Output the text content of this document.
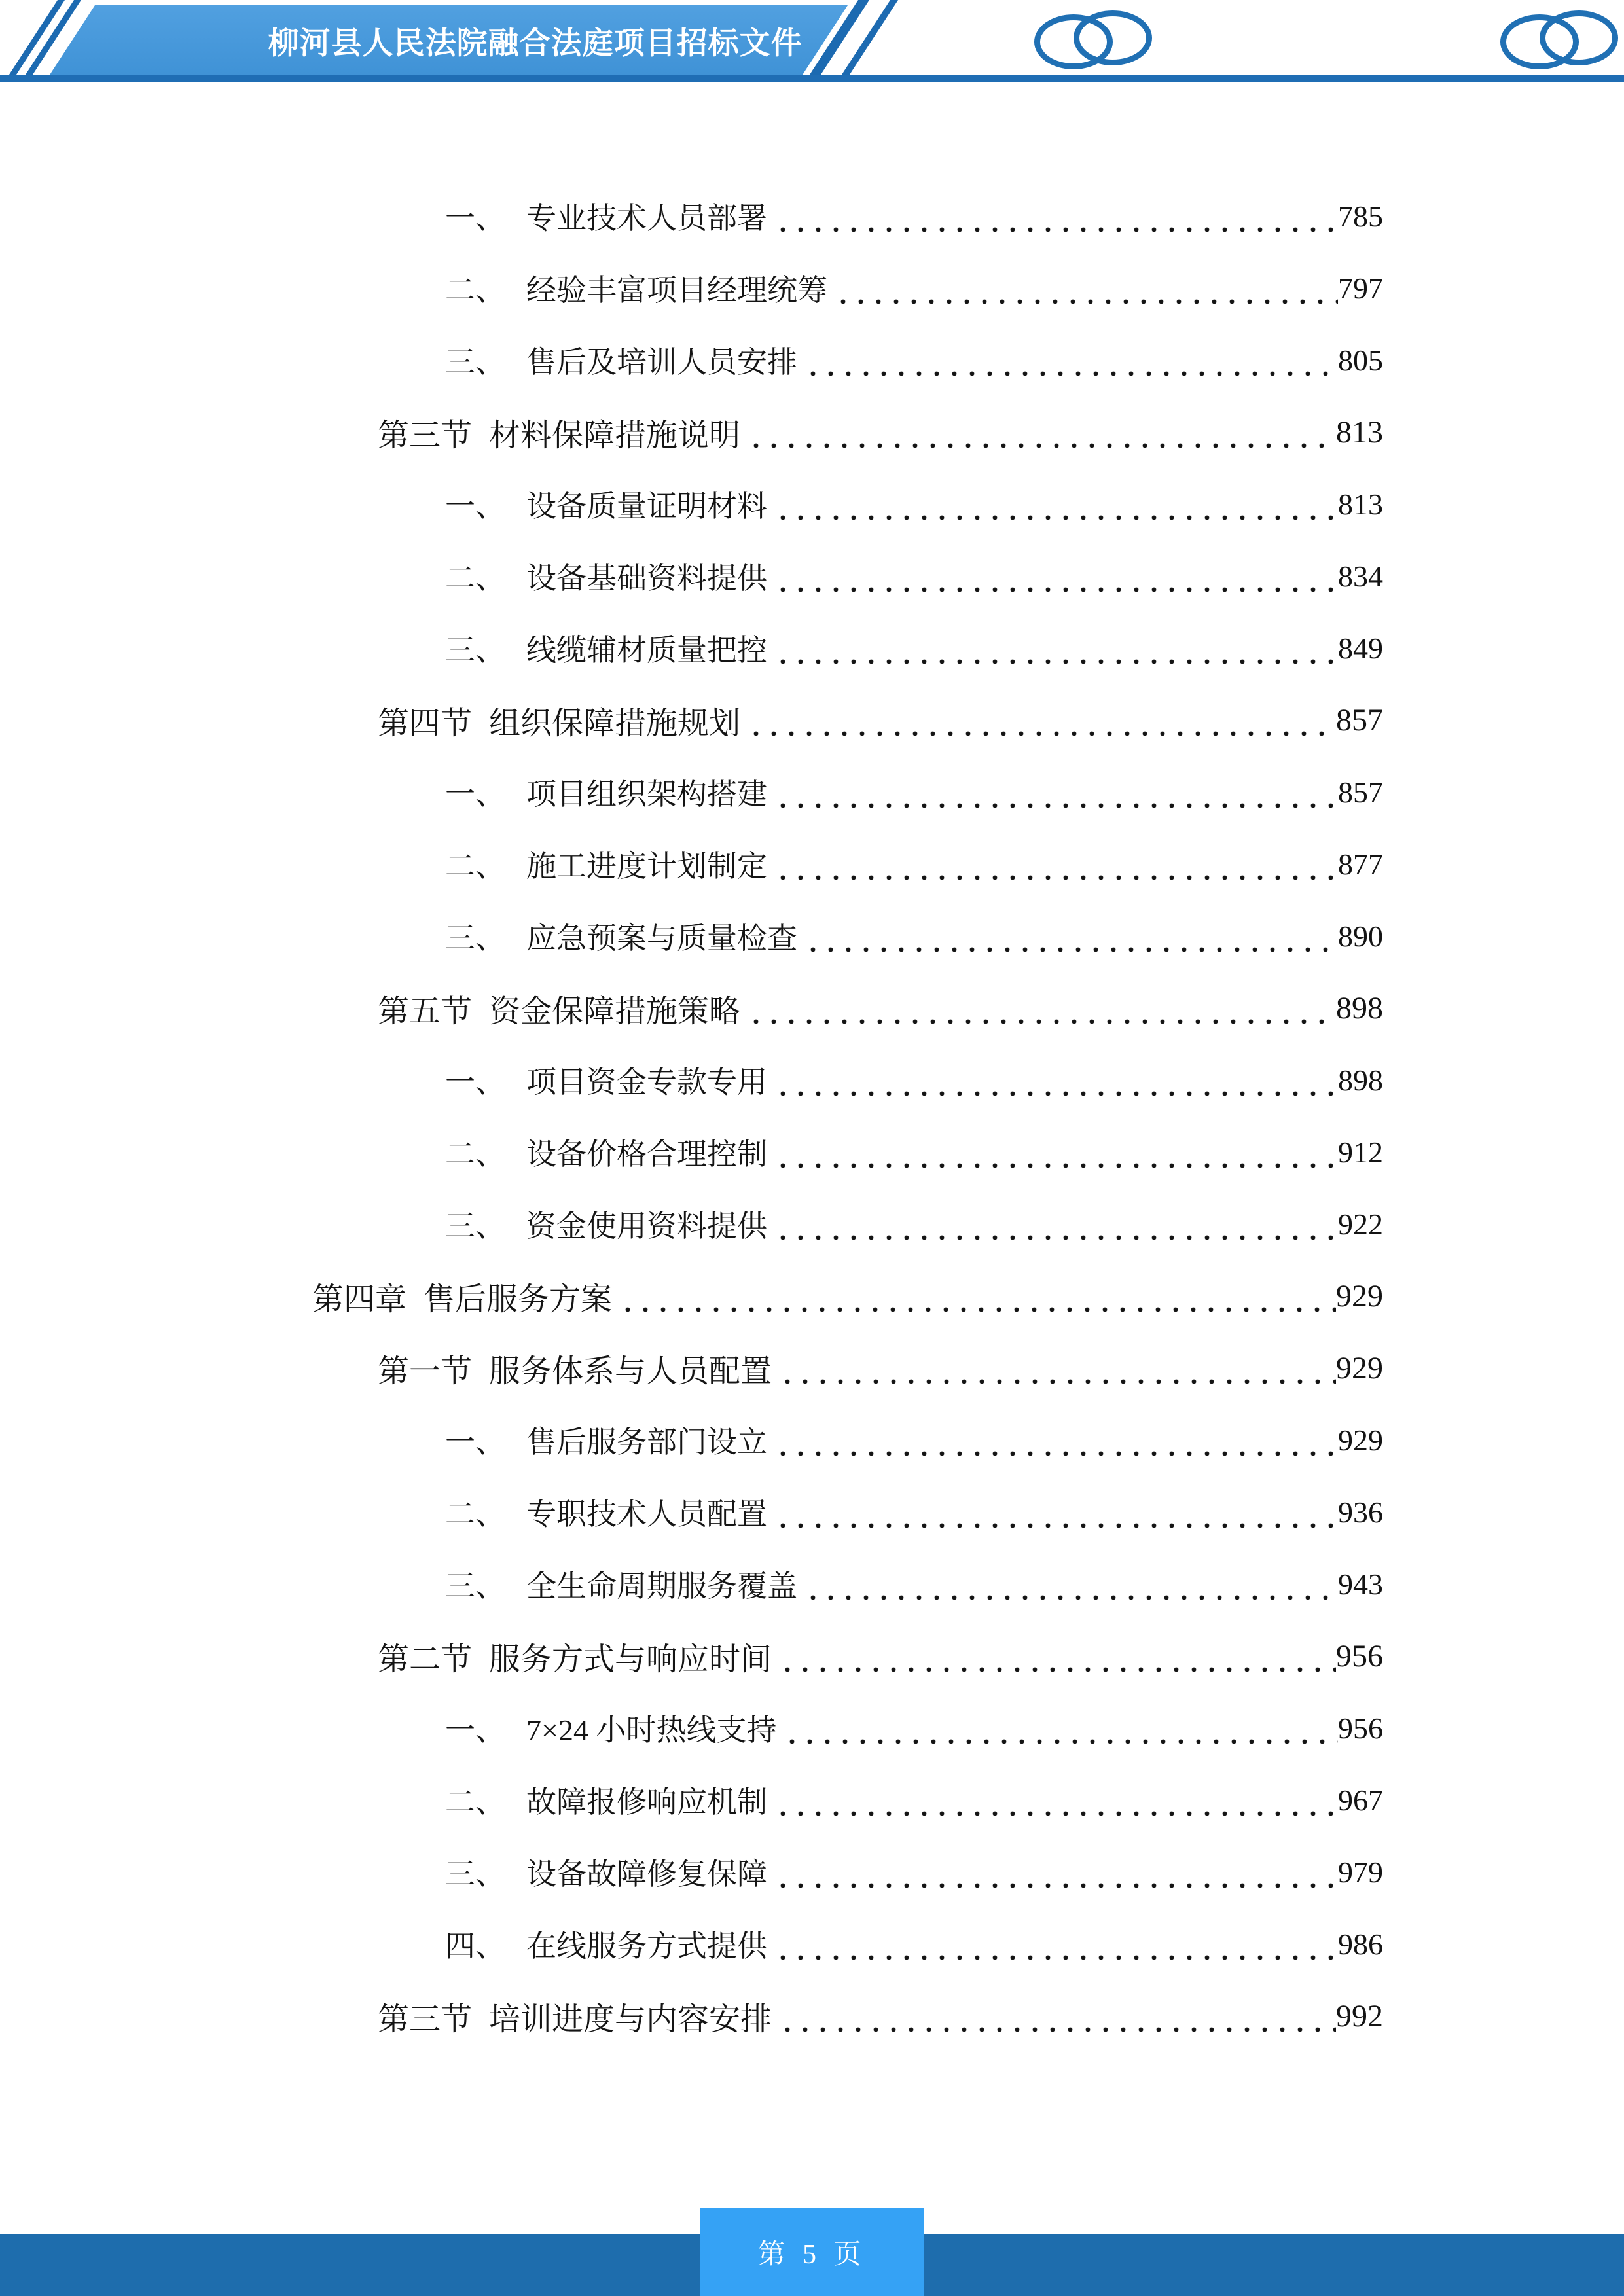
柳河县人民法院融合法庭项目招标文件
一、 专业技术人员部署	785
二、 经验丰富项目经理统筹	797
三、 售后及培训人员安排	805
第三节 材料保障措施说明	813
一、 设备质量证明材料	813
二、 设备基础资料提供	834
三、 线缆辅材质量把控	849
第四节 组织保障措施规划	857
一、 项目组织架构搭建	857
二、 施工进度计划制定	877
三、 应急预案与质量检查	890
第五节 资金保障措施策略	898
一、 项目资金专款专用	898
二、 设备价格合理控制	912
三、 资金使用资料提供	922
第四章 售后服务方案	929
第一节 服务体系与人员配置	929
一、 售后服务部门设立	929
二、 专职技术人员配置	936
三、 全生命周期服务覆盖	943
第二节 服务方式与响应时间	956
一、 7×24 小时热线支持	956
二、 故障报修响应机制	967
三、 设备故障修复保障	979
四、 在线服务方式提供	986
第三节 培训进度与内容安排	992
第 5 页
